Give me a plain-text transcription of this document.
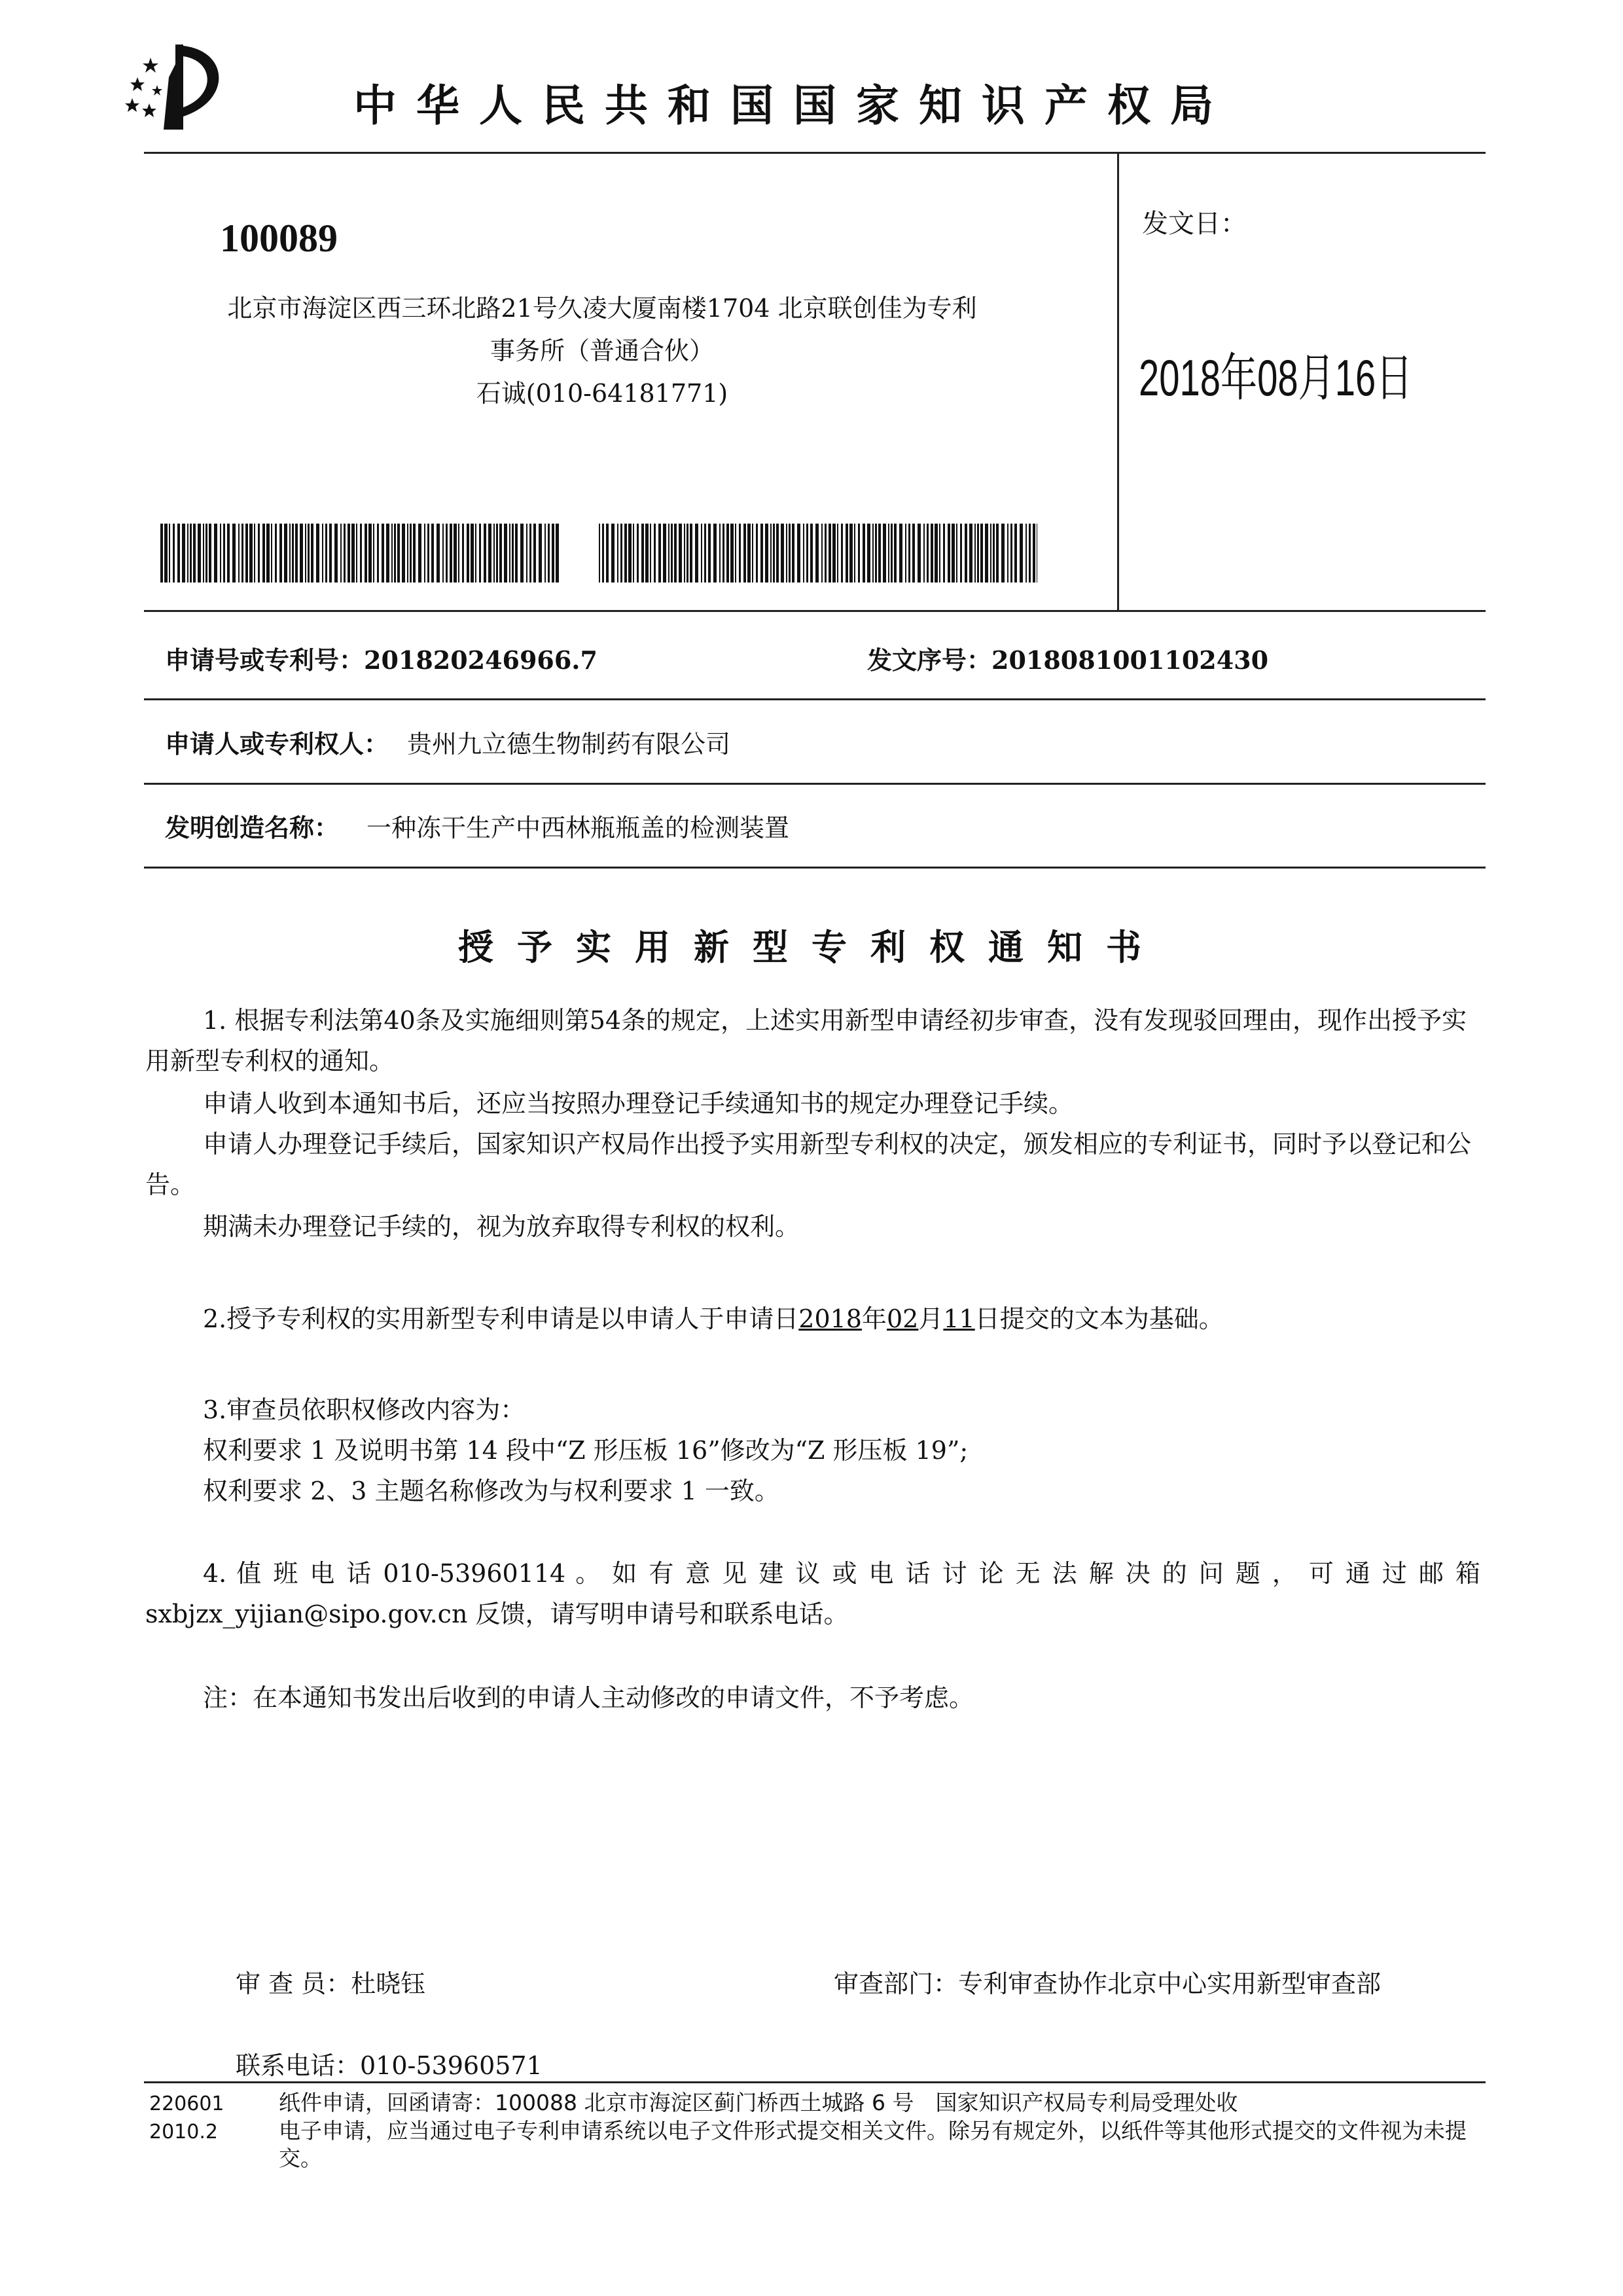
中华人民共和国国家知识产权局
100089
北京市海淀区西三环北路21号久凌大厦南楼1704 北京联创佳为专利
事务所（普通合伙）
石诚(010-64181771)
发文日：
2018年08月16日
申请号或专利号：201820246966.7	发文序号：2018081001102430
申请人或专利权人： 贵州九立德生物制药有限公司
发明创造名称： 一种冻干生产中西林瓶瓶盖的检测装置
授予实用新型专利权通知书
1. 根据专利法第40条及实施细则第54条的规定，上述实用新型申请经初步审查，没有发现驳回理由，现作出授予实用新型专利权的通知。
申请人收到本通知书后，还应当按照办理登记手续通知书的规定办理登记手续。
申请人办理登记手续后，国家知识产权局作出授予实用新型专利权的决定，颁发相应的专利证书，同时予以登记和公告。
期满未办理登记手续的，视为放弃取得专利权的权利。
2.授予专利权的实用新型专利申请是以申请人于申请日2018年02月11日提交的文本为基础。
3.审查员依职权修改内容为：
权利要求 1 及说明书第 14 段中“Z 形压板 16”修改为“Z 形压板 19”;
权利要求 2、3 主题名称修改为与权利要求 1 一致。
4. 值 班 电 话 010-53960114 。 如 有 意 见 建 议 或 电 话 讨 论 无 法 解 决 的 问 题 ， 可 通 过 邮 箱 sxbjzx_yijian@sipo.gov.cn 反馈，请写明申请号和联系电话。
注：在本通知书发出后收到的申请人主动修改的申请文件，不予考虑。
审 查 员：杜晓钰	审查部门：专利审查协作北京中心实用新型审查部
联系电话：010-53960571
220601
2010.2
纸件申请，回函请寄：100088 北京市海淀区蓟门桥西土城路 6 号　国家知识产权局专利局受理处收
电子申请，应当通过电子专利申请系统以电子文件形式提交相关文件。除另有规定外，以纸件等其他形式提交的文件视为未提交。
